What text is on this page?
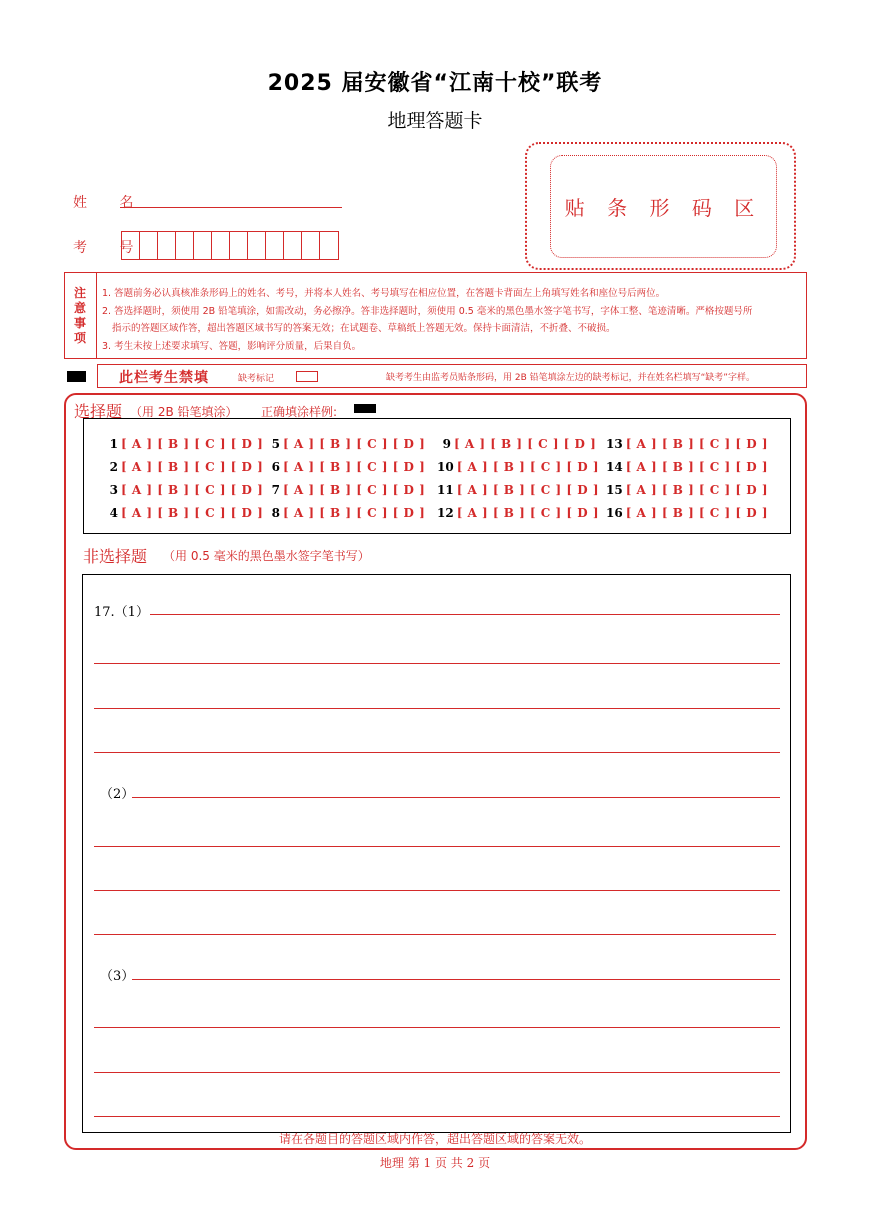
2025 届安徽省“江南十校”联考
地理答题卡
贴 条 形 码 区
姓 名
考 号
注
意
事
项
1. 答题前务必认真核准条形码上的姓名、考号，并将本人姓名、考号填写在相应位置，在答题卡背面左上角填写姓名和座位号后两位。
2. 答选择题时，须使用 2B 铅笔填涂，如需改动，务必擦净。答非选择题时，须使用 0.5 毫米的黑色墨水签字笔书写，字体工整、笔迹清晰。严格按题号所
指示的答题区域作答，超出答题区域书写的答案无效；在试题卷、草稿纸上答题无效。保持卡面清洁，不折叠、不破损。
3. 考生未按上述要求填写、答题，影响评分质量，后果自负。
此栏考生禁填	缺考标记	缺考考生由监考员贴条形码，用 2B 铅笔填涂左边的缺考标记，并在姓名栏填写“缺考”字样。
选择题 （用 2B 铅笔填涂） 正确填涂样例:
1 [ A ] [ B ] [ C ] [ D ]
2 [ A ] [ B ] [ C ] [ D ]
3 [ A ] [ B ] [ C ] [ D ]
4 [ A ] [ B ] [ C ] [ D ]
5 [ A ] [ B ] [ C ] [ D ]
6 [ A ] [ B ] [ C ] [ D ]
7 [ A ] [ B ] [ C ] [ D ]
8 [ A ] [ B ] [ C ] [ D ]
9 [ A ] [ B ] [ C ] [ D ]
10 [ A ] [ B ] [ C ] [ D ]
11 [ A ] [ B ] [ C ] [ D ]
12 [ A ] [ B ] [ C ] [ D ]
13 [ A ] [ B ] [ C ] [ D ]
14 [ A ] [ B ] [ C ] [ D ]
15 [ A ] [ B ] [ C ] [ D ]
16 [ A ] [ B ] [ C ] [ D ]
非选择题 （用 0.5 毫米的黑色墨水签字笔书写）
17.（1）
（2）
（3）
请在各题目的答题区域内作答，超出答题区域的答案无效。
地理 第 1 页 共 2 页
